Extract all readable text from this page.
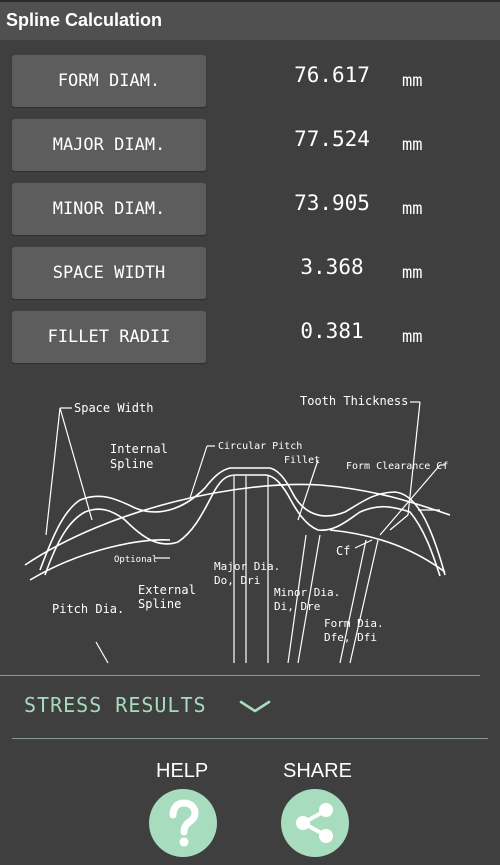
Spline Calculation
FORM DIAM.	76.617	mm
MAJOR DIAM.	77.524	mm
MINOR DIAM.	73.905	mm
SPACE WIDTH	3.368	mm
FILLET RADII	0.381	mm
Space Width	Tooth Thickness
Internal
Spline
Circular Pitch
Fillet
Form Clearance Cf
Cf
Optional	Major Dia.
Do, Dri
External
Spline
Pitch Dia.
Minor Dia.
Di, Dre
Form Dia.
Dfe, Dfi
STRESS RESULTS
HELP	SHARE
